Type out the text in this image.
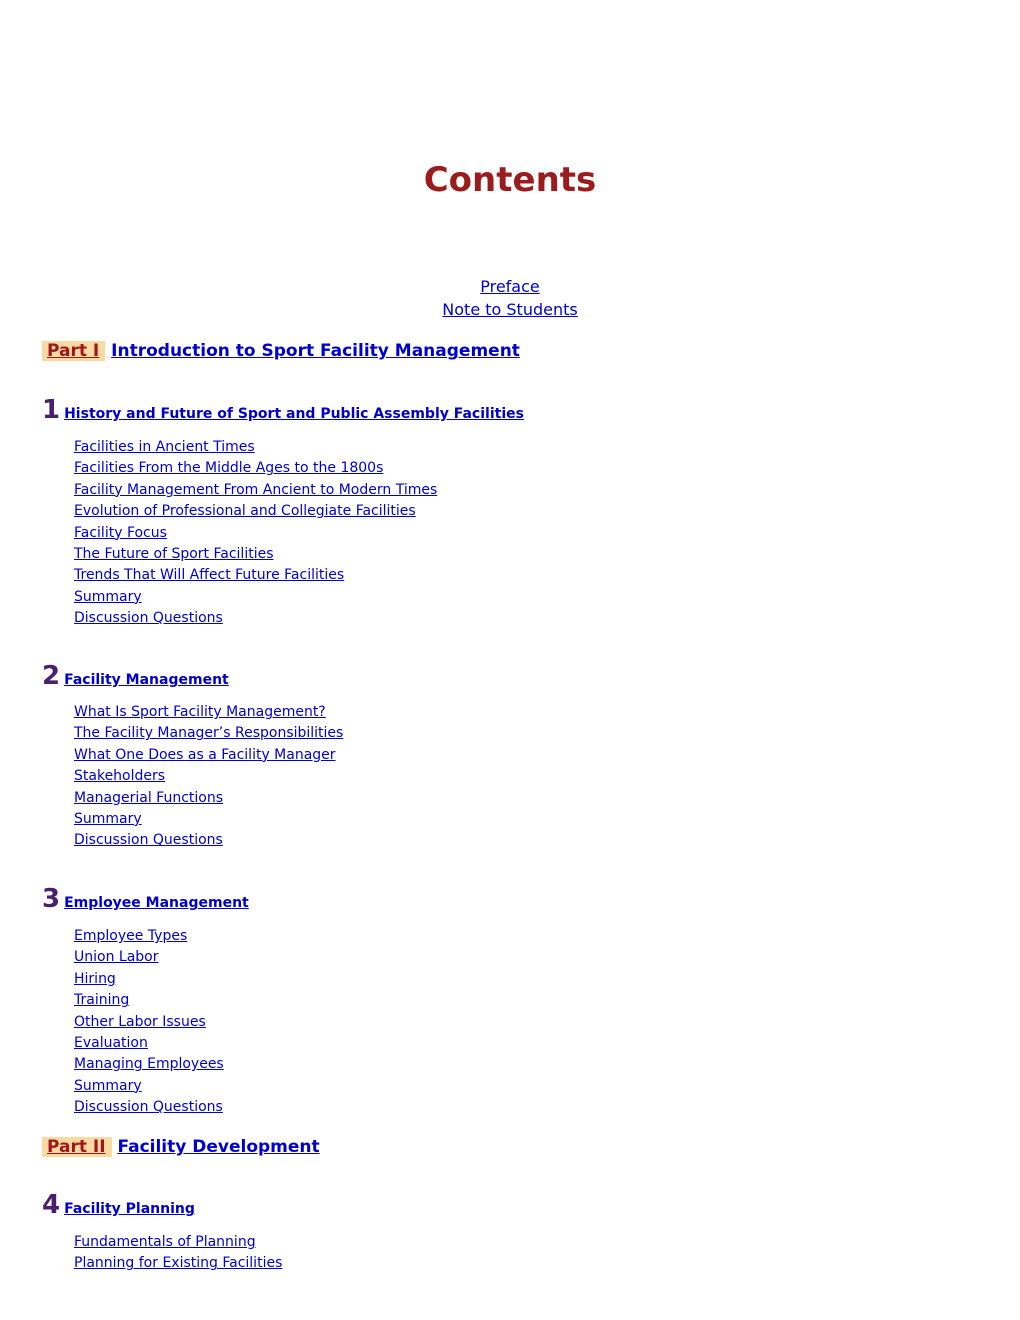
Contents
Preface
Note to Students
Part I Introduction to Sport Facility Management
1 History and Future of Sport and Public Assembly Facilities
Facilities in Ancient Times
Facilities From the Middle Ages to the 1800s
Facility Management From Ancient to Modern Times
Evolution of Professional and Collegiate Facilities
Facility Focus
The Future of Sport Facilities
Trends That Will Affect Future Facilities
Summary
Discussion Questions
2 Facility Management
What Is Sport Facility Management?
The Facility Manager’s Responsibilities
What One Does as a Facility Manager
Stakeholders
Managerial Functions
Summary
Discussion Questions
3 Employee Management
Employee Types
Union Labor
Hiring
Training
Other Labor Issues
Evaluation
Managing Employees
Summary
Discussion Questions
Part II Facility Development
4 Facility Planning
Fundamentals of Planning
Planning for Existing Facilities
